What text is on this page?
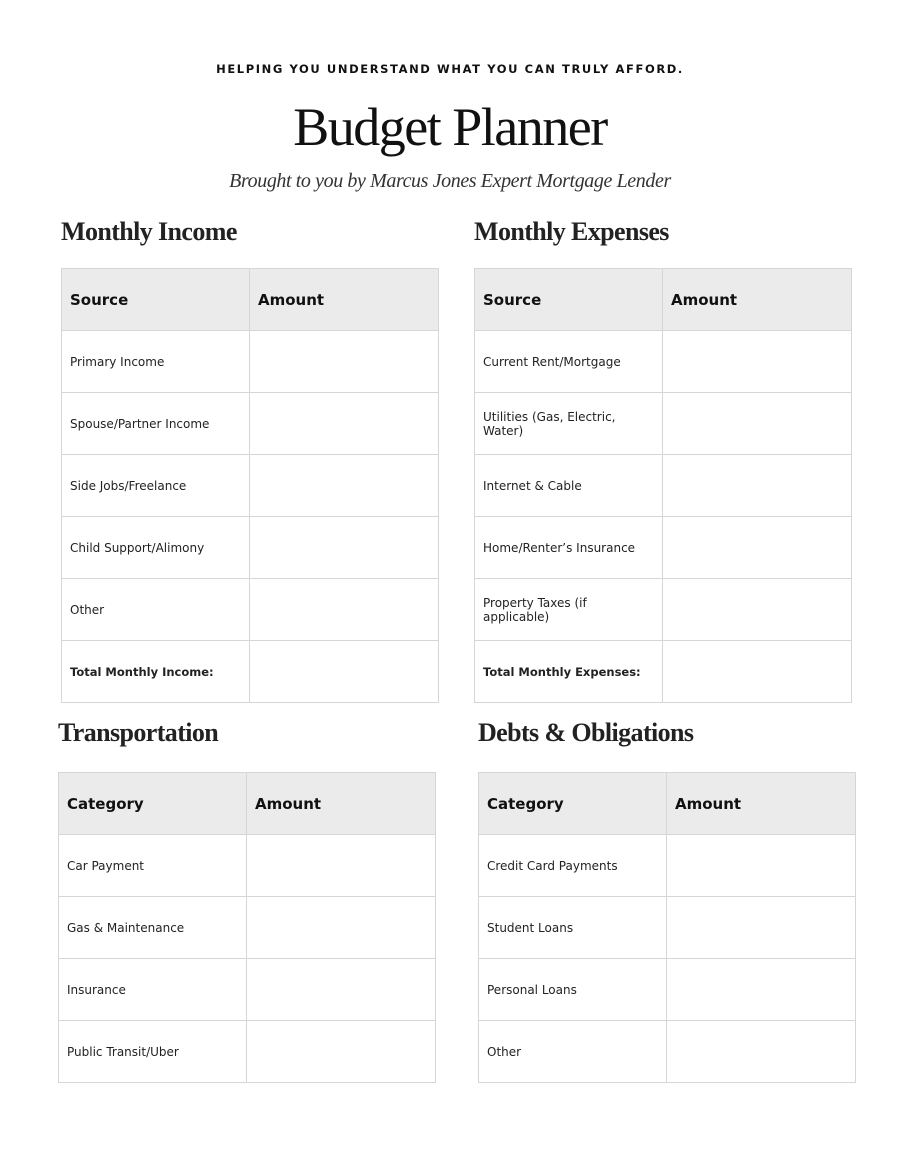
HELPING YOU UNDERSTAND WHAT YOU CAN TRULY AFFORD.
Budget Planner
Brought to you by Marcus Jones Expert Mortgage Lender
Monthly Income
Source	Amount
Primary Income	
Spouse/Partner Income	
Side Jobs/Freelance	
Child Support/Alimony	
Other	
Total Monthly Income:	
Monthly Expenses
Source	Amount
Current Rent/Mortgage	
Utilities (Gas, Electric, Water)	
Internet & Cable	
Home/Renter’s Insurance	
Property Taxes (if applicable)	
Total Monthly Expenses:	
Transportation
Category	Amount
Car Payment	
Gas & Maintenance	
Insurance	
Public Transit/Uber	
Debts & Obligations
Category	Amount
Credit Card Payments	
Student Loans	
Personal Loans	
Other	
